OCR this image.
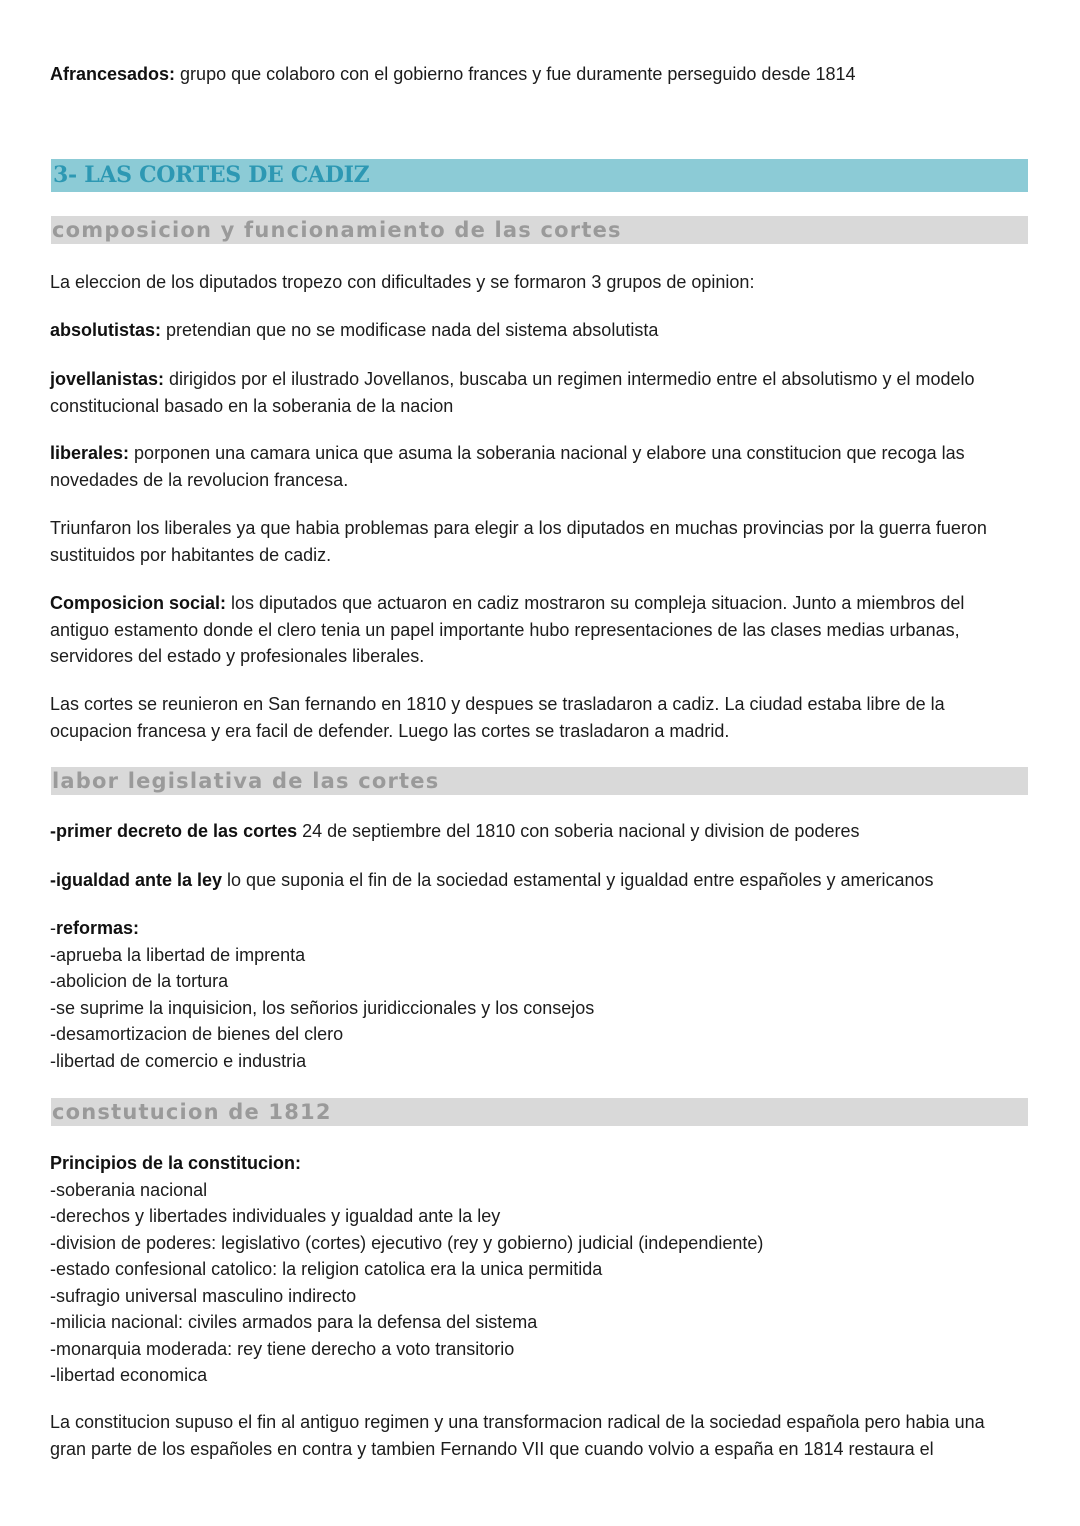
Afrancesados: grupo que colaboro con el gobierno frances y fue duramente perseguido desde 1814

3- LAS CORTES DE CADIZ
composicion y funcionamiento de las cortes

La eleccion de los diputados tropezo con dificultades y se formaron 3 grupos de opinion:

absolutistas: pretendian que no se modificase nada del sistema absolutista

jovellanistas: dirigidos por el ilustrado Jovellanos, buscaba un regimen intermedio entre el absolutismo y el modelo
constitucional basado en la soberania de la nacion

liberales: porponen una camara unica que asuma la soberania nacional y elabore una constitucion que recoga las
novedades de la revolucion francesa.

Triunfaron los liberales ya que habia problemas para elegir a los diputados en muchas provincias por la guerra fueron
sustituidos por habitantes de cadiz.

Composicion social: los diputados que actuaron en cadiz mostraron su compleja situacion. Junto a miembros del
antiguo estamento donde el clero tenia un papel importante hubo representaciones de las clases medias urbanas,
servidores del estado y profesionales liberales.

Las cortes se reunieron en San fernando en 1810 y despues se trasladaron a cadiz. La ciudad estaba libre de la
ocupacion francesa y era facil de defender. Luego las cortes se trasladaron a madrid.

labor legislativa de las cortes

-primer decreto de las cortes 24 de septiembre del 1810 con soberia nacional y division de poderes

-igualdad ante la ley lo que suponia el fin de la sociedad estamental y igualdad entre españoles y americanos

-reformas:
-aprueba la libertad de imprenta
-abolicion de la tortura
-se suprime la inquisicion, los señorios juridiccionales y los consejos
-desamortizacion de bienes del clero
-libertad de comercio e industria
constutucion de 1812
Principios de la constitucion:
-soberania nacional
-derechos y libertades individuales y igualdad ante la ley
-division de poderes: legislativo (cortes) ejecutivo (rey y gobierno) judicial (independiente)
-estado confesional catolico: la religion catolica era la unica permitida
-sufragio universal masculino indirecto
-milicia nacional: civiles armados para la defensa del sistema
-monarquia moderada: rey tiene derecho a voto transitorio
-libertad economica

La constitucion supuso el fin al antiguo regimen y una transformacion radical de la sociedad española pero habia una
gran parte de los españoles en contra y tambien Fernando VII que cuando volvio a españa en 1814 restaura el
